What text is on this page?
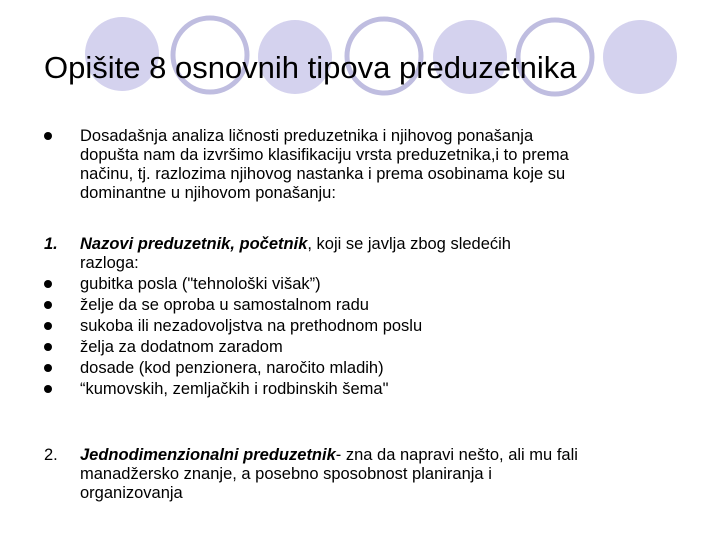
Opišite 8 osnovnih tipova preduzetnika
Dosadašnja analiza ličnosti preduzetnika i njihovog ponašanja
dopušta nam da izvršimo klasifikaciju vrsta preduzetnika,i to prema
načinu, tj. razlozima njihovog nastanka i prema osobinama koje su
dominantne u njihovom ponašanju:
1. Nazovi preduzetnik, početnik, koji se javlja zbog sledećih
razloga:
gubitka posla ("tehnološki višak”)
želje da se oproba u samostalnom radu
sukoba ili nezadovoljstva na prethodnom poslu
želja za dodatnom zaradom
dosade (kod penzionera, naročito mladih)
“kumovskih, zemljačkih i rodbinskih šema"
2. Jednodimenzionalni preduzetnik- zna da napravi nešto, ali mu fali
manadžersko znanje, a posebno sposobnost planiranja i
organizovanja
